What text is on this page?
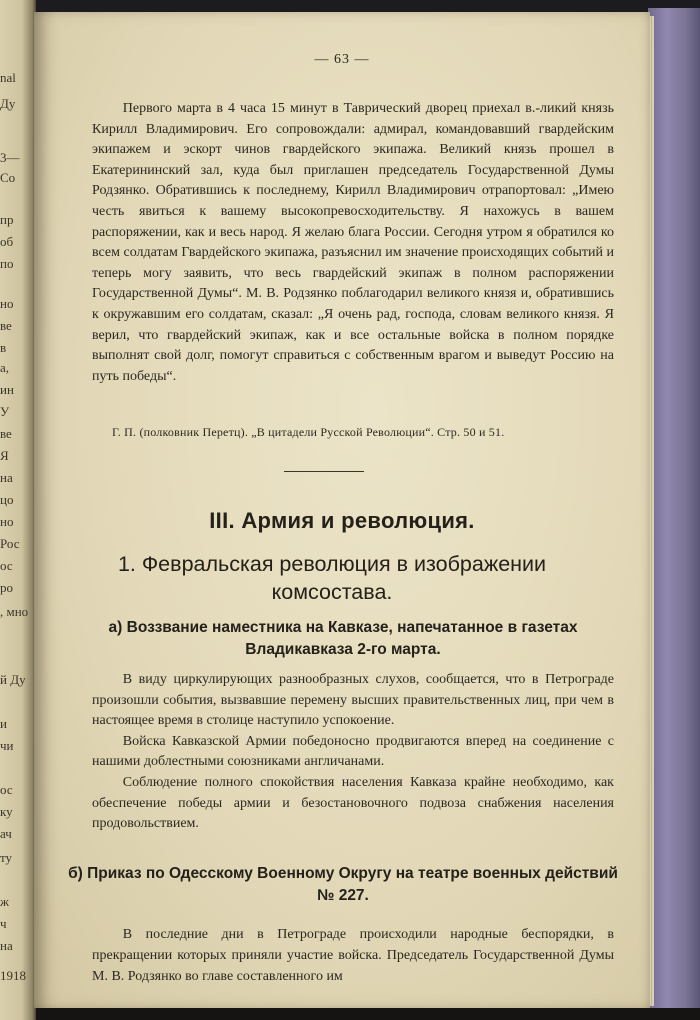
nal
Ду
3—
Co
пр
об
по
но
ве
в
а,
ин
У
ве
Я
на
цо
но
Рос
ос
ро
, мно
й Ду
и
чи
ос
ку
ач
ту
ж
ч
на
1918
— 63 —

Первого марта в 4 часа 15 минут в Таврический дворец приехал в.-ликий князь Кирилл Владимирович. Его сопровождали: адмирал, командовавший гвардейским экипажем и эскорт чинов гвардейского экипажа. Великий князь прошел в Екатерининский зал, куда был приглашен председатель Государственной Думы Родзянко. Обратившись к последнему, Кирилл Владимирович отрапортовал: „Имею честь явиться к вашему высокопревосходительству. Я нахожусь в вашем распоряжении, как и весь народ. Я желаю блага России. Сегодня утром я обратился ко всем солдатам Гвардейского экипажа, разъяснил им значение происходящих событий и теперь могу заявить, что весь гвардейский экипаж в полном распоряжении Государственной Думы“. М. В. Родзянко поблагодарил великого князя и, обратившись к окружавшим его солдатам, сказал: „Я очень рад, господа, словам великого князя. Я верил, что гвардейский экипаж, как и все остальные войска в полном порядке выполнят свой долг, помогут справиться с собственным врагом и выведут Россию на путь победы“.

Г. П. (полковник Перетц). „В цитадели Русской Революции“. Стр. 50 и 51.
III. Армия и революция.
1. Февральская революция в изображении комсостава.
а) Воззвание наместника на Кавказе, напечатанное в газетах Владикавказа 2-го марта.

В виду циркулирующих разнообразных слухов, сообщается, что в Петрограде произошли события, вызвавшие перемену высших правительственных лиц, при чем в настоящее время в столице наступило успокоение.

Войска Кавказской Армии победоносно продвигаются вперед на соединение с нашими доблестными союзниками англичанами.

Соблюдение полного спокойствия населения Кавказа крайне необходимо, как обеспечение победы армии и безостановочного подвоза снабжения населения продовольствием.

б) Приказ по Одесскому Военному Округу на театре военных действий № 227.

В последние дни в Петрограде происходили народные беспорядки, в прекращении которых приняли участие войска. Председатель Государственной Думы М. В. Родзянко во главе составленного им
